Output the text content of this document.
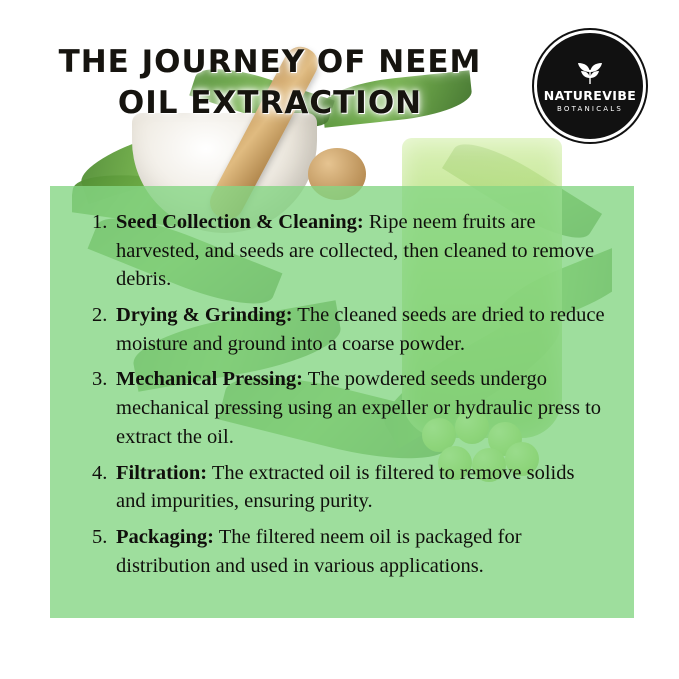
THE JOURNEY OF NEEM OIL EXTRACTION	NATUREVIBE
BOTANICALS
Seed Collection & Cleaning: Ripe neem fruits are harvested, and seeds are collected, then cleaned to remove debris.
Drying & Grinding: The cleaned seeds are dried to reduce moisture and ground into a coarse powder.
Mechanical Pressing: The powdered seeds undergo mechanical pressing using an expeller or hydraulic press to extract the oil.
Filtration: The extracted oil is filtered to remove solids and impurities, ensuring purity.
Packaging: The filtered neem oil is packaged for distribution and used in various applications.
